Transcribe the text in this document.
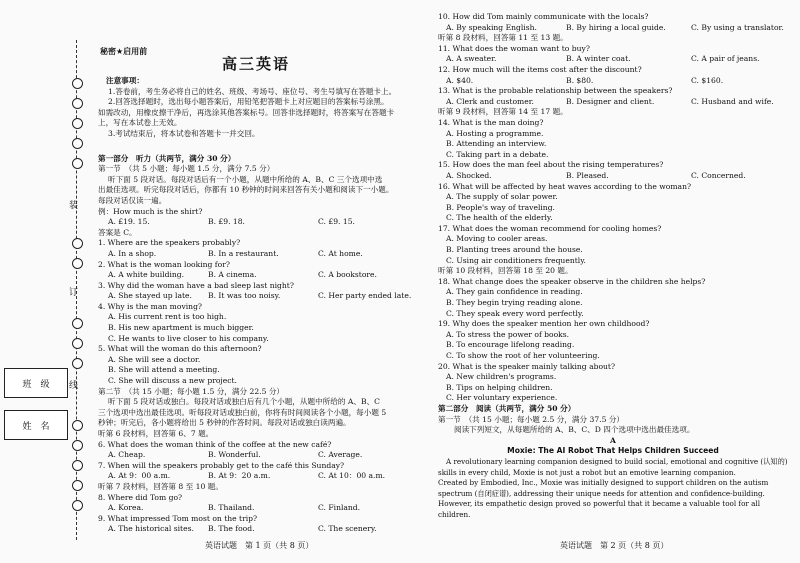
装
订
线
班　级
姓　名
秘密★启用前
高三英语
注意事项：
1.答卷前，考生务必将自己的姓名、班级、考场号、座位号、考生号填写在答题卡上。
2.回答选择题时，选出每小题答案后，用铅笔把答题卡上对应题目的答案标号涂黑。
如需改动，用橡皮擦干净后，再选涂其他答案标号。回答非选择题时，将答案写在答题卡
上，写在本试卷上无效。
3.考试结束后，将本试卷和答题卡一并交回。
第一部分　听力（共两节，满分 30 分）
第一节　（共 5 小题；每小题 1.5 分，满分 7.5 分）
听下面 5 段对话。每段对话后有一个小题，从题中所给的 A、B、C 三个选项中选
出最佳选项。听完每段对话后，你都有 10 秒钟的时间来回答有关小题和阅读下一小题。
每段对话仅读一遍。
例：How much is the shirt?
A. £19. 15.	B. £9. 18.	C. £9. 15.
答案是 C。
1. Where are the speakers probably?
A. In a shop.	B. In a restaurant.	C. At home.
2. What is the woman looking for?
A. A white building.	B. A cinema.	C. A bookstore.
3. Why did the woman have a bad sleep last night?
A. She stayed up late.	B. It was too noisy.	C. Her party ended late.
4. Why is the man moving?
A. His current rent is too high.
B. His new apartment is much bigger.
C. He wants to live closer to his company.
5. What will the woman do this afternoon?
A. She will see a doctor.
B. She will attend a meeting.
C. She will discuss a new project.
第二节　（共 15 小题；每小题 1.5 分，满分 22.5 分）
听下面 5 段对话或独白。每段对话或独白后有几个小题，从题中所给的 A、B、C
三个选项中选出最佳选项。听每段对话或独白前，你将有时间阅读各个小题，每小题 5
秒钟；听完后，各小题将给出 5 秒钟的作答时间。每段对话或独白读两遍。
听第 6 段材料，回答第 6、7 题。
6. What does the woman think of the coffee at the new café?
A. Cheap.	B. Wonderful.	C. Average.
7. When will the speakers probably get to the café this Sunday?
A. At 9：00 a.m.	B. At 9：20 a.m.	C. At 10：00 a.m.
听第 7 段材料，回答第 8 至 10 题。
8. Where did Tom go?
A. Korea.	B. Thailand.	C. Finland.
9. What impressed Tom most on the trip?
A. The historical sites.	B. The food.	C. The scenery.
英语试题　第 1 页（共 8 页）
10. How did Tom mainly communicate with the locals?
A. By speaking English.	B. By hiring a local guide.	C. By using a translator.
听第 8 段材料，回答第 11 至 13 题。
11. What does the woman want to buy?
A. A sweater.	B. A winter coat.	C. A pair of jeans.
12. How much will the items cost after the discount?
A. $40.	B. $80.	C. $160.
13. What is the probable relationship between the speakers?
A. Clerk and customer.	B. Designer and client.	C. Husband and wife.
听第 9 段材料，回答第 14 至 17 题。
14. What is the man doing?
A. Hosting a programme.
B. Attending an interview.
C. Taking part in a debate.
15. How does the man feel about the rising temperatures?
A. Shocked.	B. Pleased.	C. Concerned.
16. What will be affected by heat waves according to the woman?
A. The supply of solar power.
B. People's way of traveling.
C. The health of the elderly.
17. What does the woman recommend for cooling homes?
A. Moving to cooler areas.
B. Planting trees around the house.
C. Using air conditioners frequently.
听第 10 段材料，回答第 18 至 20 题。
18. What change does the speaker observe in the children she helps?
A. They gain confidence in reading.
B. They begin trying reading alone.
C. They speak every word perfectly.
19. Why does the speaker mention her own childhood?
A. To stress the power of books.
B. To encourage lifelong reading.
C. To show the root of her volunteering.
20. What is the speaker mainly talking about?
A. New children's programs.
B. Tips on helping children.
C. Her voluntary experience.
第二部分　阅读（共两节，满分 50 分）
第一节　（共 15 小题；每小题 2.5 分，满分 37.5 分）
阅读下列短文，从每题所给的 A、B、C、D 四个选项中选出最佳选项。
A
Moxie: The AI Robot That Helps Children Succeed
A revolutionary learning companion designed to build social, emotional and cognitive (认知的)
skills in every child, Moxie is not just a robot but an emotive learning companion.
Created by Embodied, Inc., Moxie was initially designed to support children on the autism
spectrum (自闭症谱), addressing their unique needs for attention and confidence-building.
However, its empathetic design proved so powerful that it became a valuable tool for all
children.
英语试题　第 2 页（共 8 页）
